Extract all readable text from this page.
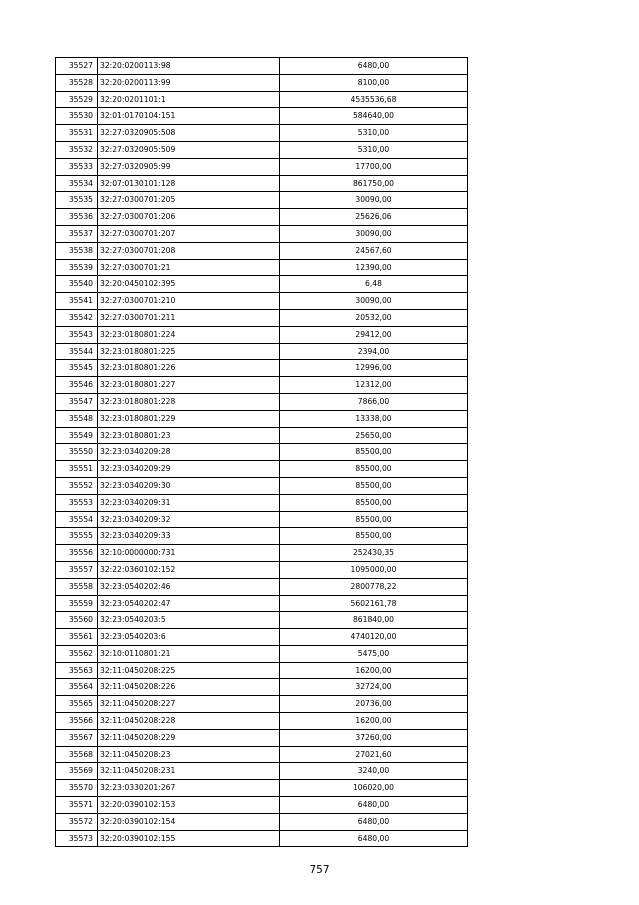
35527	32:20:0200113:98	6480,00
35528	32:20:0200113:99	8100,00
35529	32:20:0201101:1	4535536,68
35530	32:01:0170104:151	584640,00
35531	32:27:0320905:508	5310,00
35532	32:27:0320905:509	5310,00
35533	32:27:0320905:99	17700,00
35534	32:07:0130101:128	861750,00
35535	32:27:0300701:205	30090,00
35536	32:27:0300701:206	25626,06
35537	32:27:0300701:207	30090,00
35538	32:27:0300701:208	24567,60
35539	32:27:0300701:21	12390,00
35540	32:20:0450102:395	6,48
35541	32:27:0300701:210	30090,00
35542	32:27:0300701:211	20532,00
35543	32:23:0180801:224	29412,00
35544	32:23:0180801:225	2394,00
35545	32:23:0180801:226	12996,00
35546	32:23:0180801:227	12312,00
35547	32:23:0180801:228	7866,00
35548	32:23:0180801:229	13338,00
35549	32:23:0180801:23	25650,00
35550	32:23:0340209:28	85500,00
35551	32:23:0340209:29	85500,00
35552	32:23:0340209:30	85500,00
35553	32:23:0340209:31	85500,00
35554	32:23:0340209:32	85500,00
35555	32:23:0340209:33	85500,00
35556	32:10:0000000:731	252430,35
35557	32:22:0360102:152	1095000,00
35558	32:23:0540202:46	2800778,22
35559	32:23:0540202:47	5602161,78
35560	32:23:0540203:5	861840,00
35561	32:23:0540203:6	4740120,00
35562	32:10:0110801:21	5475,00
35563	32:11:0450208:225	16200,00
35564	32:11:0450208:226	32724,00
35565	32:11:0450208:227	20736,00
35566	32:11:0450208:228	16200,00
35567	32:11:0450208:229	37260,00
35568	32:11:0450208:23	27021,60
35569	32:11:0450208:231	3240,00
35570	32:23:0330201:267	106020,00
35571	32:20:0390102:153	6480,00
35572	32:20:0390102:154	6480,00
35573	32:20:0390102:155	6480,00
757
